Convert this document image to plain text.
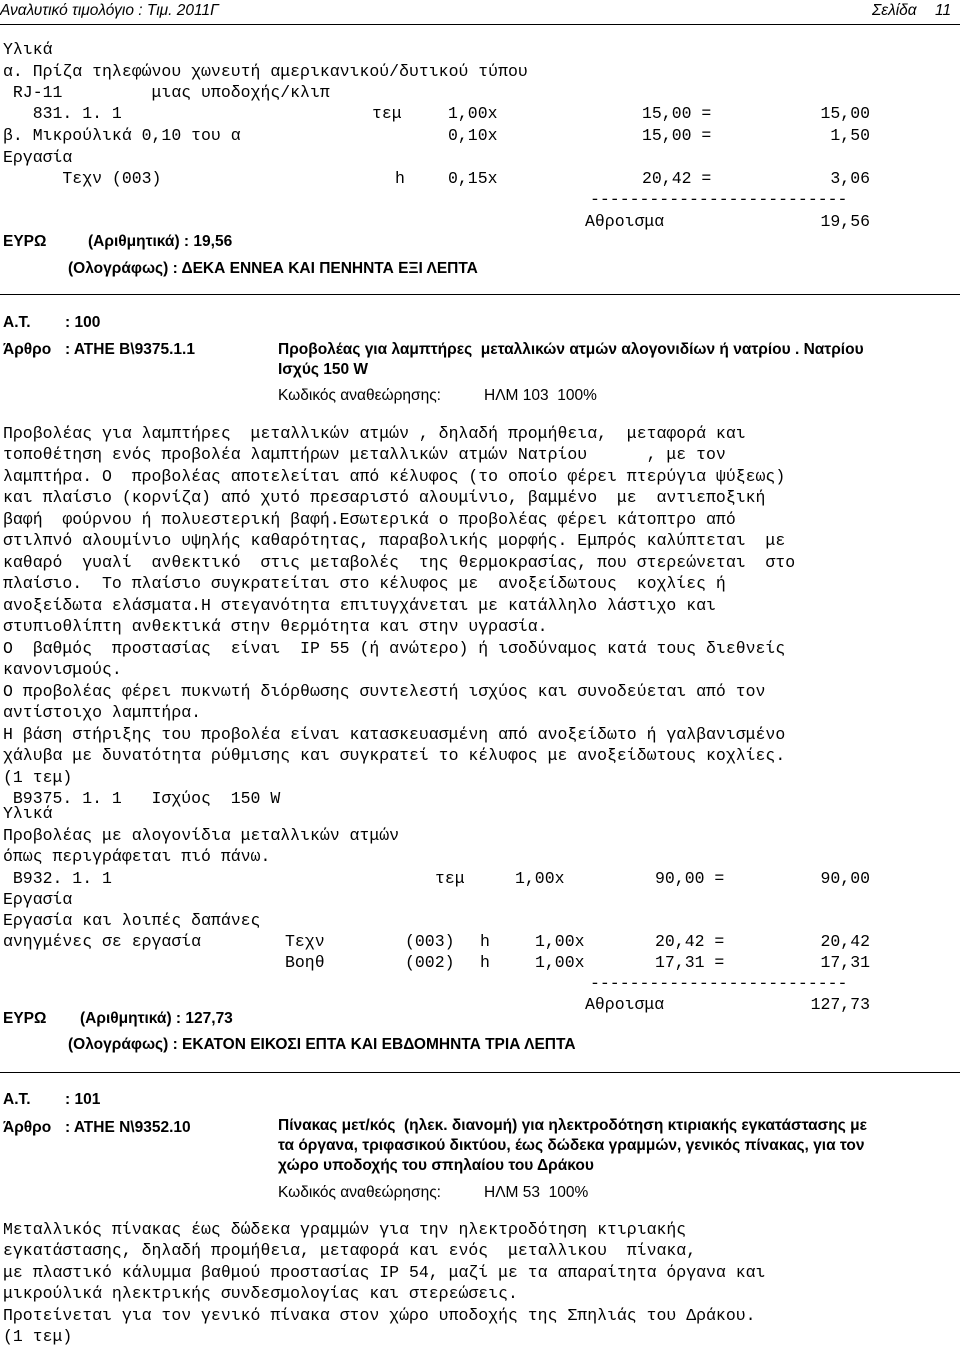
Αναλυτικό τιμολόγιο : Τιμ. 2011Γ	Σελίδα 11
Υλικά
α. Πρίζα τηλεφώνου χωνευτή αμερικανικού/δυτικού τύπου
RJ-11         μιας υποδοχής/κλιπ
831. 1. 1	τεμ	1,00x	15,00 =	15,00
β. Μικρούλικά 0,10 του α	0,10x	15,00 =	1,50
Εργασία
Τεχν (003)	h	0,15x	20,42 =	3,06
--------------------------
Αθροισμα	19,56
ΕΥΡΩ	(Αριθμητικά) : 19,56
(Ολογράφως) : ΔΕΚΑ ΕΝΝΕΑ ΚΑΙ ΠΕΝΗΝΤΑ ΕΞΙ ΛΕΠΤΑ
Α.Τ. : 100
Άρθρο : ΑΤΗΕ Β\9375.1.1	Προβολέας για λαμπτήρες  μεταλλικών ατμών αλογονιδίων ή νατρίου . Νατρίου
Ισχύς 150 W
Κωδικός αναθεώρησης:	ΗΛΜ 103  100%
Προβολέας για λαμπτήρες  μεταλλικών ατμών , δηλαδή προμήθεια,  μεταφορά και
τοποθέτηση ενός προβολέα λαμπτήρων μεταλλικών ατμών Νατρίου      , με τον
λαμπτήρα. Ο  προβολέας αποτελείται από κέλυφος (το οποίο φέρει πτερύγια ψύξεως)
και πλαίσιο (κορνίζα) από χυτό πρεσαριστό αλουμίνιο, βαμμένο  με  αντιεποξική
βαφή  φούρνου ή πολυεστερική βαφή.Εσωτερικά ο προβολέας φέρει κάτοπτρο από
στιλπνό αλουμίνιο υψηλής καθαρότητας, παραβολικής μορφής. Εμπρός καλύπτεται  με
καθαρό  γυαλί  ανθεκτικό  στις μεταβολές  της θερμοκρασίας, που στερεώνεται  στο
πλαίσιο.  Το πλαίσιο συγκρατείται στο κέλυφος με  ανοξείδωτους  κοχλίες ή
ανοξείδωτα ελάσματα.Η στεγανότητα επιτυγχάνεται με κατάλληλο λάστιχο και
στυπιοθλίπτη ανθεκτικά στην θερμότητα και στην υγρασία.
Ο  βαθμός  προστασίας  είναι  IP 55 (ή ανώτερο) ή ισοδύναμος κατά τους διεθνείς
κανονισμούς.
Ο προβολέας φέρει πυκνωτή διόρθωσης συντελεστή ισχύος και συνοδεύεται από τον
αντίστοιχο λαμπτήρα.
Η βάση στήριξης του προβολέα είναι κατασκευασμένη από ανοξείδωτο ή γαλβανισμένο
χάλυβα με δυνατότητα ρύθμισης και συγκρατεί το κέλυφος με ανοξείδωτους κοχλίες.
(1 τεμ)
Β9375. 1. 1   Ισχύος  150 W
Υλικά
Προβολέας με αλογονίδια μεταλλικών ατμών
όπως περιγράφεται πιό πάνω.
Β932. 1. 1	τεμ	1,00x	90,00 =	90,00
Εργασία
Εργασία και λοιπές δαπάνες
ανηγμένες σε εργασία	Τεχν	(003) h	1,00x	20,42 =	20,42
Βοηθ	(002) h	1,00x	17,31 =	17,31
--------------------------
Αθροισμα	127,73
ΕΥΡΩ (Αριθμητικά) : 127,73
(Ολογράφως) : ΕΚΑΤΟΝ ΕΙΚΟΣΙ ΕΠΤΑ ΚΑΙ ΕΒΔΟΜΗΝΤΑ ΤΡΙΑ ΛΕΠΤΑ
Α.Τ. : 101
Άρθρο : ΑΤΗΕ Ν\9352.10	Πίνακας μετ/κός  (ηλεκ. διανομή) για ηλεκτροδότηση κτιριακής εγκατάστασης με
τα όργανα, τριφασικού δικτύου, έως δώδεκα γραμμών, γενικός πίνακας, για τον
χώρο υποδοχής του σπηλαίου του Δράκου
Κωδικός αναθεώρησης:	ΗΛΜ 53  100%
Μεταλλικός πίνακας έως δώδεκα γραμμών για την ηλεκτροδότηση κτιριακής
εγκατάστασης, δηλαδή προμήθεια, μεταφορά και ενός  μεταλλικου  πίνακα,
με πλαστικό κάλυμμα βαθμού προστασίας IP 54, μαζί με τα απαραίτητα όργανα και
μικρούλικά ηλεκτρικής συνδεσμολογίας και στερεώσεις.
Προτείνεται για τον γενικό πίνακα στον χώρο υποδοχής της Σπηλιάς του Δράκου.
(1 τεμ)
